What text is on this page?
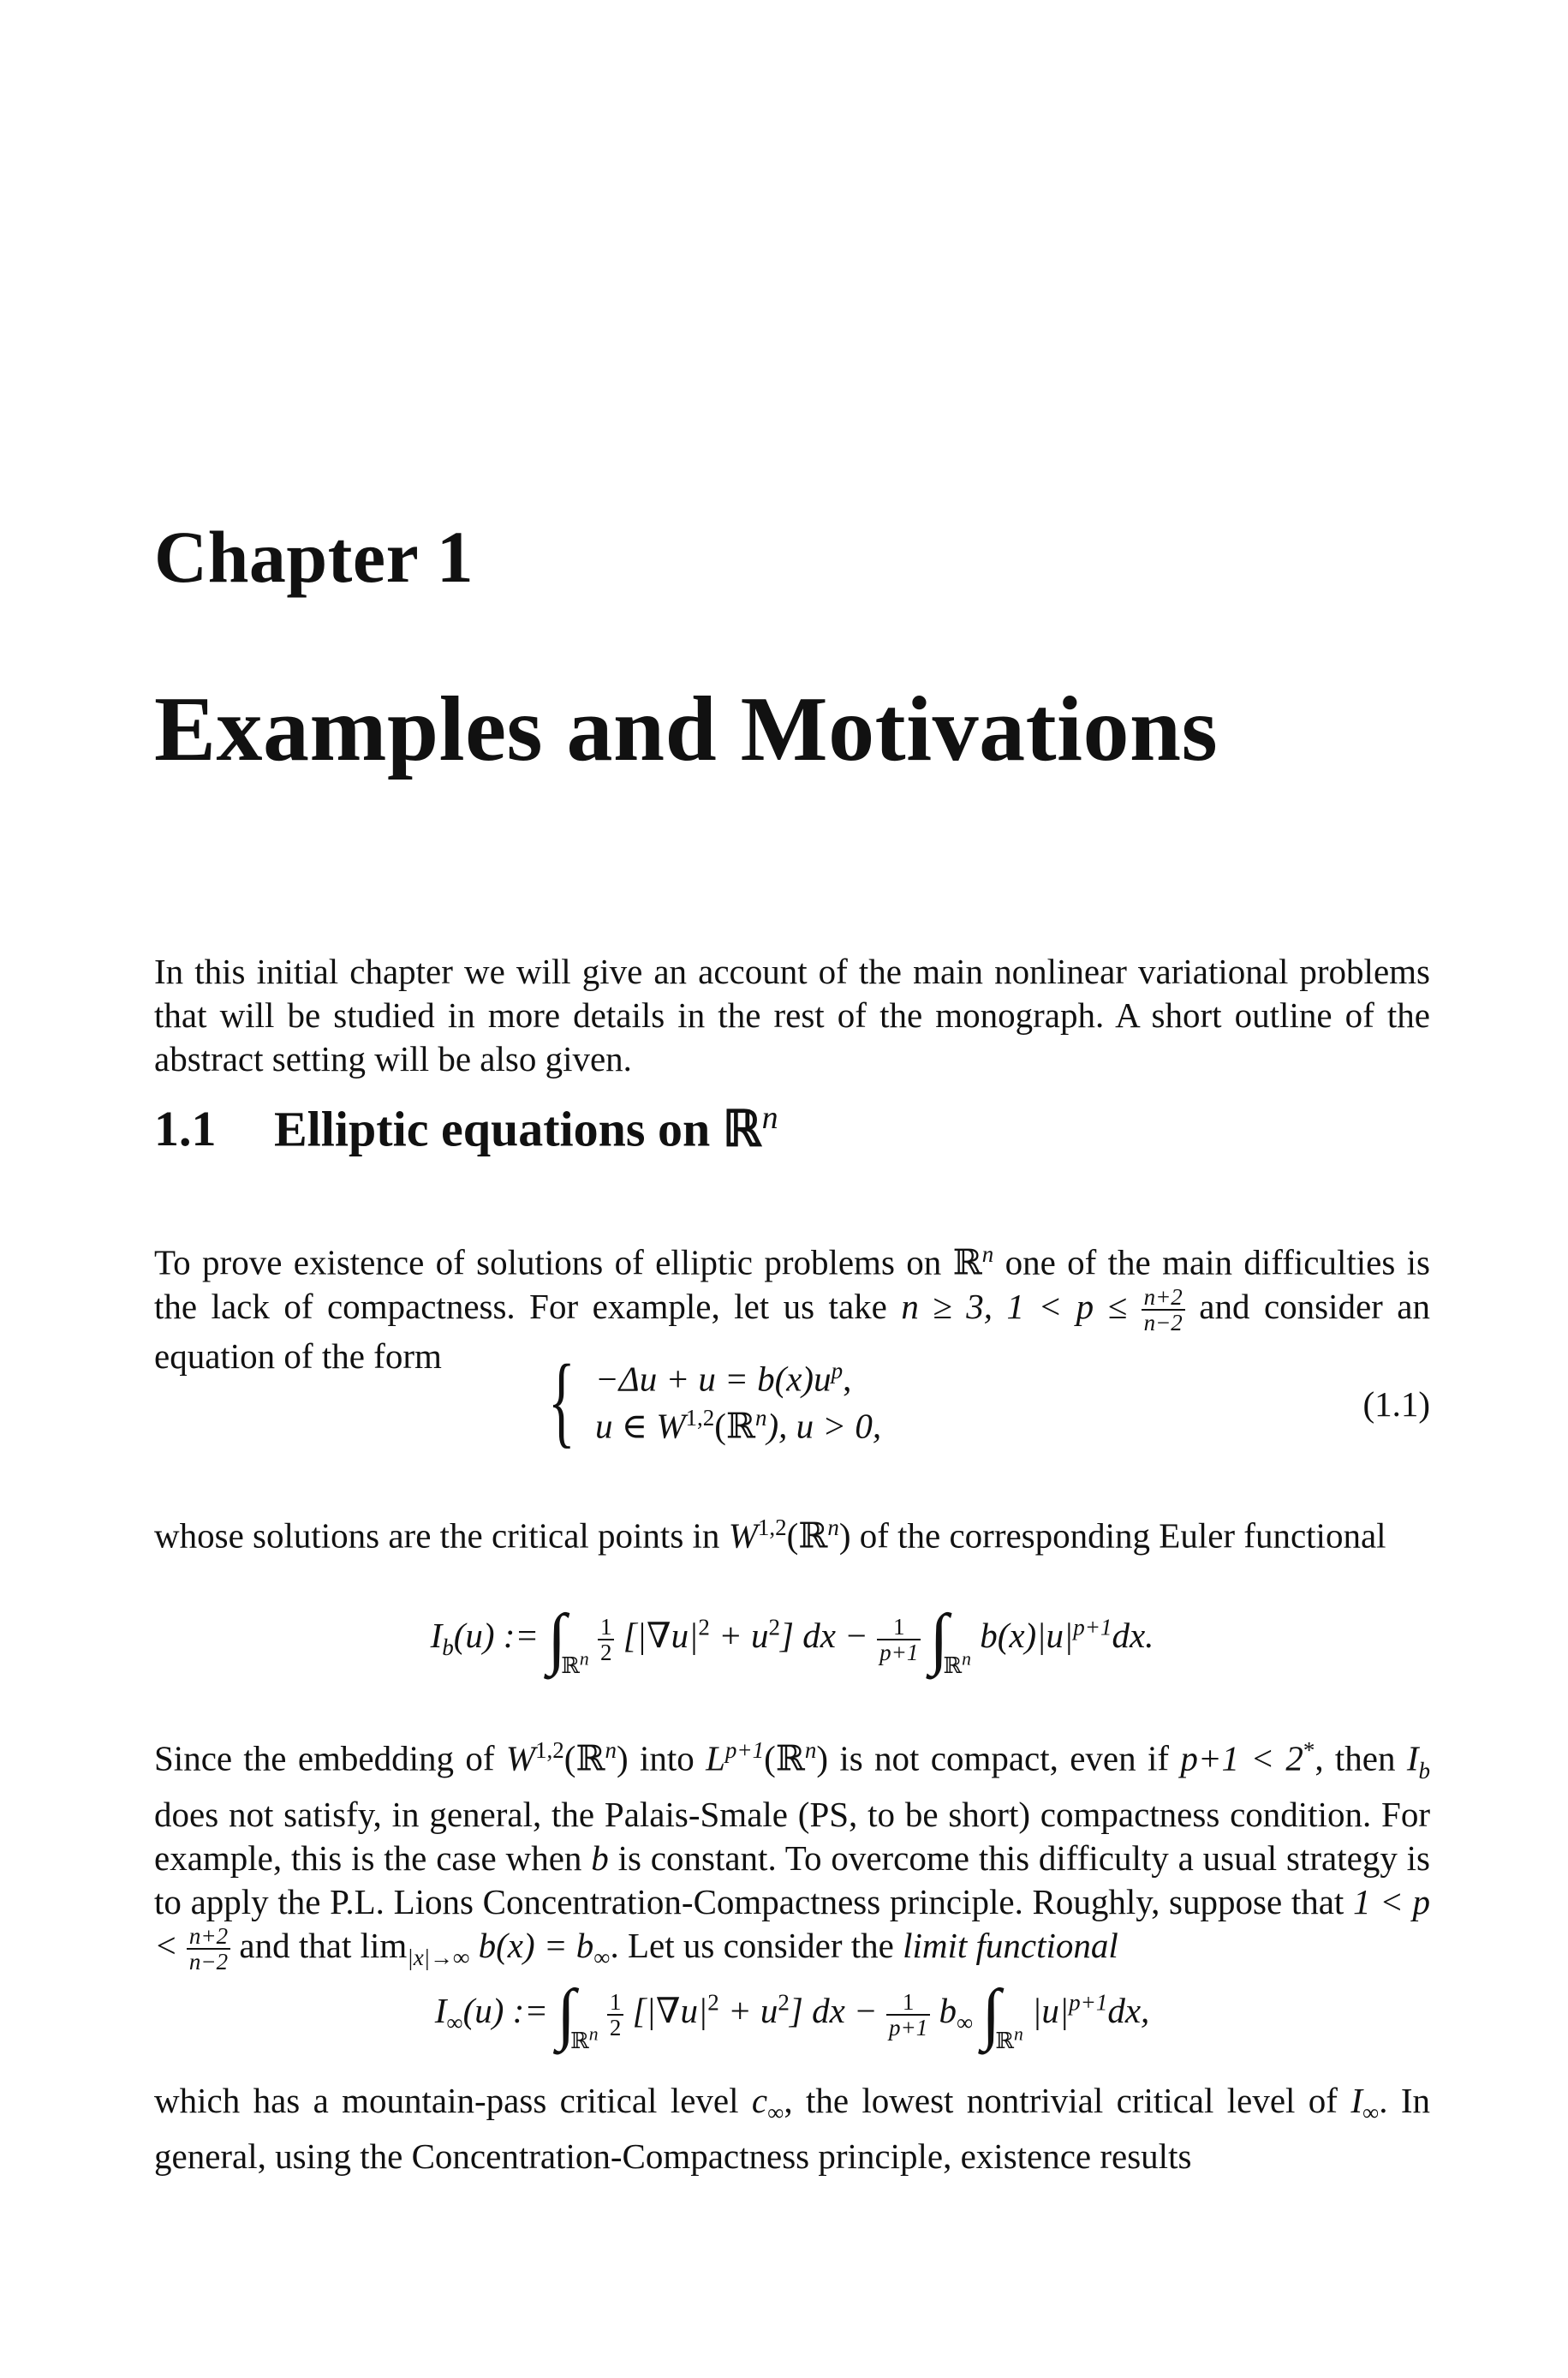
Chapter 1
Examples and Motivations

In this initial chapter we will give an account of the main nonlinear variational problems that will be studied in more details in the rest of the monograph. A short outline of the abstract setting will be also given.

1.1 Elliptic equations on ℝ$^n$

To prove existence of solutions of elliptic problems on ℝ$^n$ one of the main difficulties is the lack of compactness. For example, let us take n ≥ 3, $1 < p \le \frac{n+2}{n-2}$ and consider an equation of the form	{ $-\Delta u + u = b(x)u^p$,
u ∈ W$^{1,2}$(ℝ$^n$), u > 0,
(1.1)

whose solutions are the critical points in W$^{1,2}$(ℝ$^n$) of the corresponding Euler functional

$I_b(u)$ := $\int_{ℝ^n} \frac{1}{2} [|\nabla u|^2 + u^2]$ dx − $\frac{1}{p+1} \int_{ℝ^n}$ $b(x)|u|^{p+1}dx$.

Since the embedding of W$^{1,2}$(ℝ$^n$) into $L^{p+1}(ℝ^n)$ is not compact, even if p+1 < 2*, then $I_b$ does not satisfy, in general, the Palais-Smale (PS, to be short) compactness condition. For example, this is the case when b is constant. To overcome this difficulty a usual strategy is to apply the P.L. Lions Concentration-Compactness principle. Roughly, suppose that $1 < p < \frac{n+2}{n-2}$ and that $\lim_{|x|\to\infty} b(x) = b_\infty$. Let us consider the limit functional

$I_\infty(u)$ := $\int_{ℝ^n} \frac{1}{2} [|\nabla u|^2 + u^2]$ dx − $\frac{1}{p+1} b_\infty$ $\int_{ℝ^n}$ $|u|^{p+1}dx$,

which has a mountain-pass critical level $c_\infty$, the lowest nontrivial critical level of $I_\infty$. In general, using the Concentration-Compactness principle, existence results
